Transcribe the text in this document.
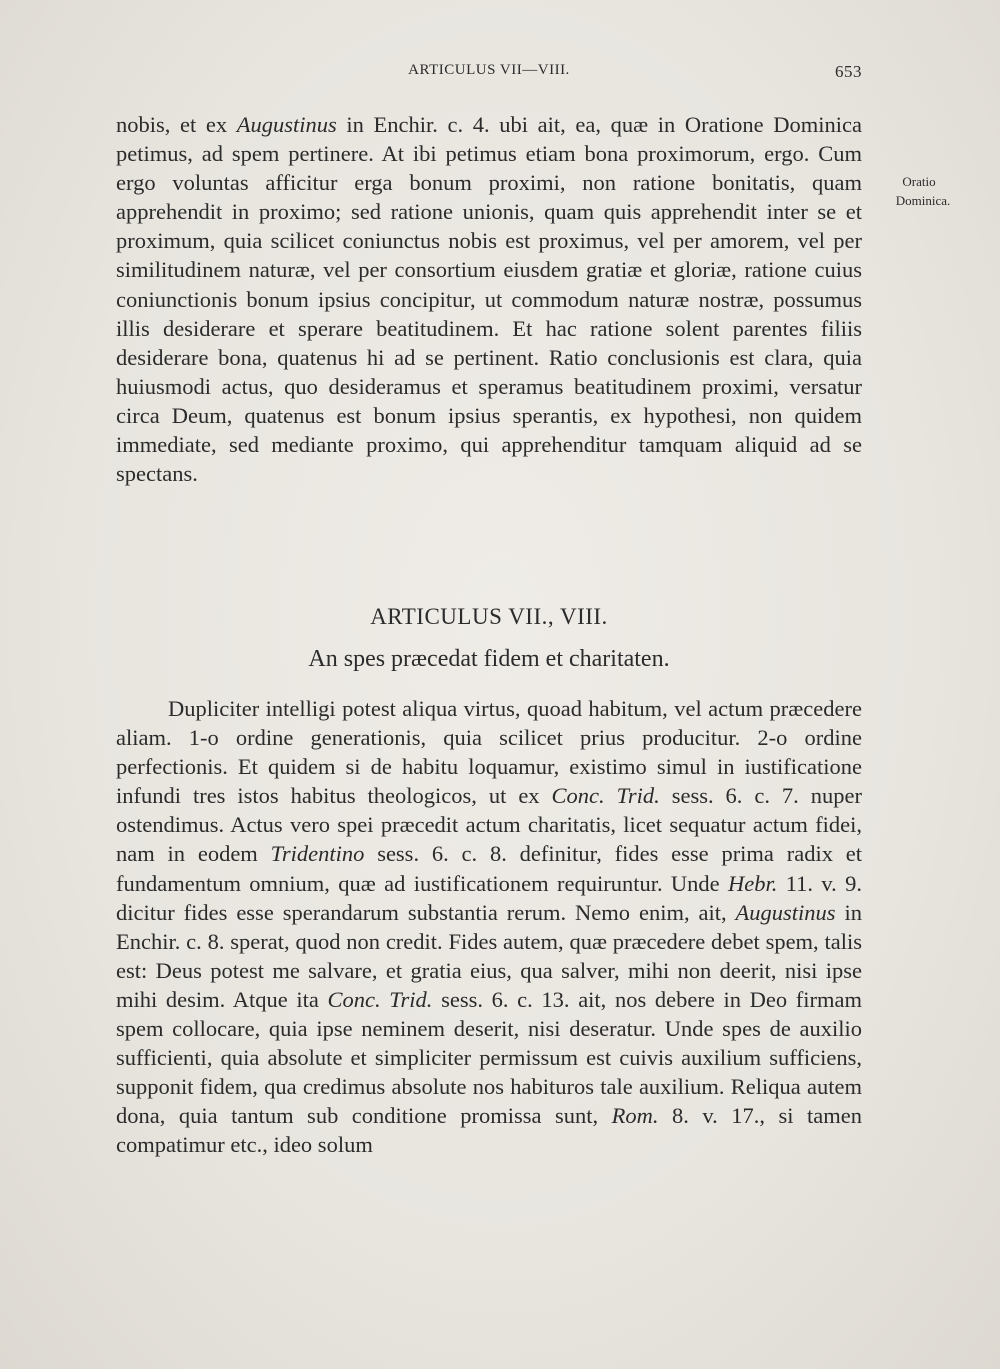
ARTICULUS VII—VIII.	653
Oratio
Dominica.

nobis, et ex Augustinus in Enchir. c. 4. ubi ait, ea, quæ in Oratione Dominica petimus, ad spem pertinere. At ibi petimus etiam bona proximorum, ergo. Cum ergo voluntas afficitur erga bonum proximi, non ratione bonitatis, quam apprehendit in proximo; sed ratione unionis, quam quis apprehendit inter se et proximum, quia scilicet coniunctus nobis est proximus, vel per amorem, vel per similitudinem naturæ, vel per consortium eiusdem gratiæ et gloriæ, ratione cuius coniunctionis bonum ipsius concipitur, ut commodum naturæ nostræ, possumus illis desiderare et sperare beatitudinem. Et hac ratione solent parentes filiis desiderare bona, quatenus hi ad se pertinent. Ratio conclusionis est clara, quia huiusmodi actus, quo desideramus et speramus beatitudinem proximi, versatur circa Deum, quatenus est bonum ipsius sperantis, ex hypothesi, non quidem immediate, sed mediante proximo, qui apprehenditur tamquam aliquid ad se spectans.

ARTICULUS VII., VIII.
An spes præcedat fidem et charitaten.

Dupliciter intelligi potest aliqua virtus, quoad habitum, vel actum præcedere aliam. 1-o ordine generationis, quia scilicet prius producitur. 2-o ordine perfectionis. Et quidem si de habitu loquamur, existimo simul in iustificatione infundi tres istos habitus theologicos, ut ex Conc. Trid. sess. 6. c. 7. nuper ostendimus. Actus vero spei præcedit actum charitatis, licet sequatur actum fidei, nam in eodem Tridentino sess. 6. c. 8. definitur, fides esse prima radix et fundamentum omnium, quæ ad iustificationem requiruntur. Unde Hebr. 11. v. 9. dicitur fides esse sperandarum substantia rerum. Nemo enim, ait, Augustinus in Enchir. c. 8. sperat, quod non credit. Fides autem, quæ præcedere debet spem, talis est: Deus potest me salvare, et gratia eius, qua salver, mihi non deerit, nisi ipse mihi desim. Atque ita Conc. Trid. sess. 6. c. 13. ait, nos debere in Deo firmam spem collocare, quia ipse neminem deserit, nisi deseratur. Unde spes de auxilio sufficienti, quia absolute et simpliciter permissum est cuivis auxilium sufficiens, supponit fidem, qua credimus absolute nos habituros tale auxilium. Reliqua autem dona, quia tantum sub conditione promissa sunt, Rom. 8. v. 17., si tamen compatimur etc., ideo solum
